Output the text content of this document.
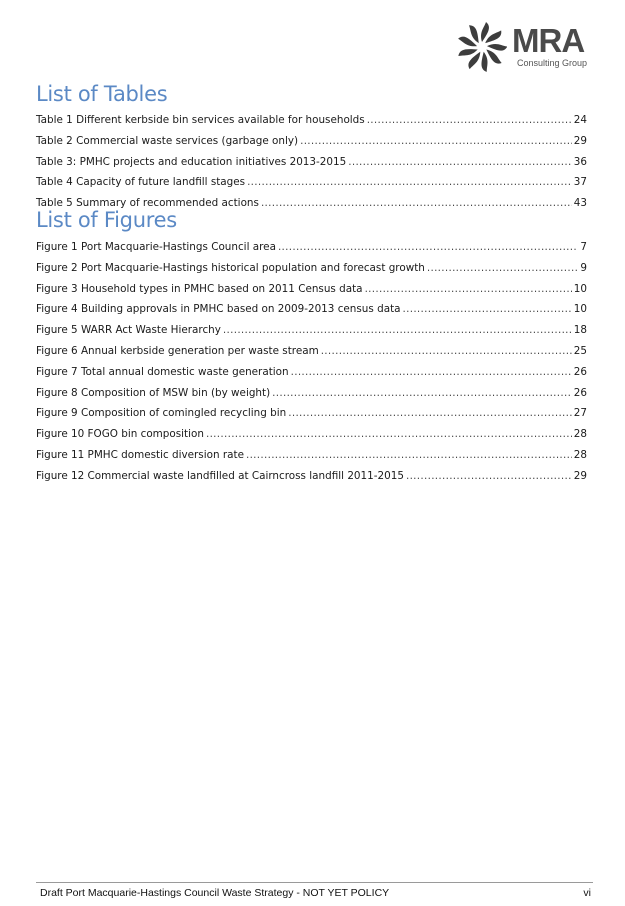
MRA
Consulting Group
List of Tables
Table 1 Different kerbside bin services available for households .....	24
Table 2 Commercial waste services (garbage only) .....	29
Table 3: PMHC projects and education initiatives 2013-2015 .....	36
Table 4 Capacity of future landfill stages .....	37
Table 5 Summary of recommended actions .....	43
List of Figures
Figure 1 Port Macquarie-Hastings Council area .....	7
Figure 2 Port Macquarie-Hastings historical population and forecast growth .....	9
Figure 3 Household types in PMHC based on 2011 Census data .....	10
Figure 4 Building approvals in PMHC based on 2009-2013 census data .....	10
Figure 5 WARR Act Waste Hierarchy .....	18
Figure 6 Annual kerbside generation per waste stream .....	25
Figure 7 Total annual domestic waste generation .....	26
Figure 8 Composition of MSW bin (by weight) .....	26
Figure 9 Composition of comingled recycling bin .....	27
Figure 10 FOGO bin composition .....	28
Figure 11 PMHC domestic diversion rate .....	28
Figure 12 Commercial waste landfilled at Cairncross landfill 2011-2015 .....	29
Draft Port Macquarie-Hastings Council Waste Strategy - NOT YET POLICY	vi
